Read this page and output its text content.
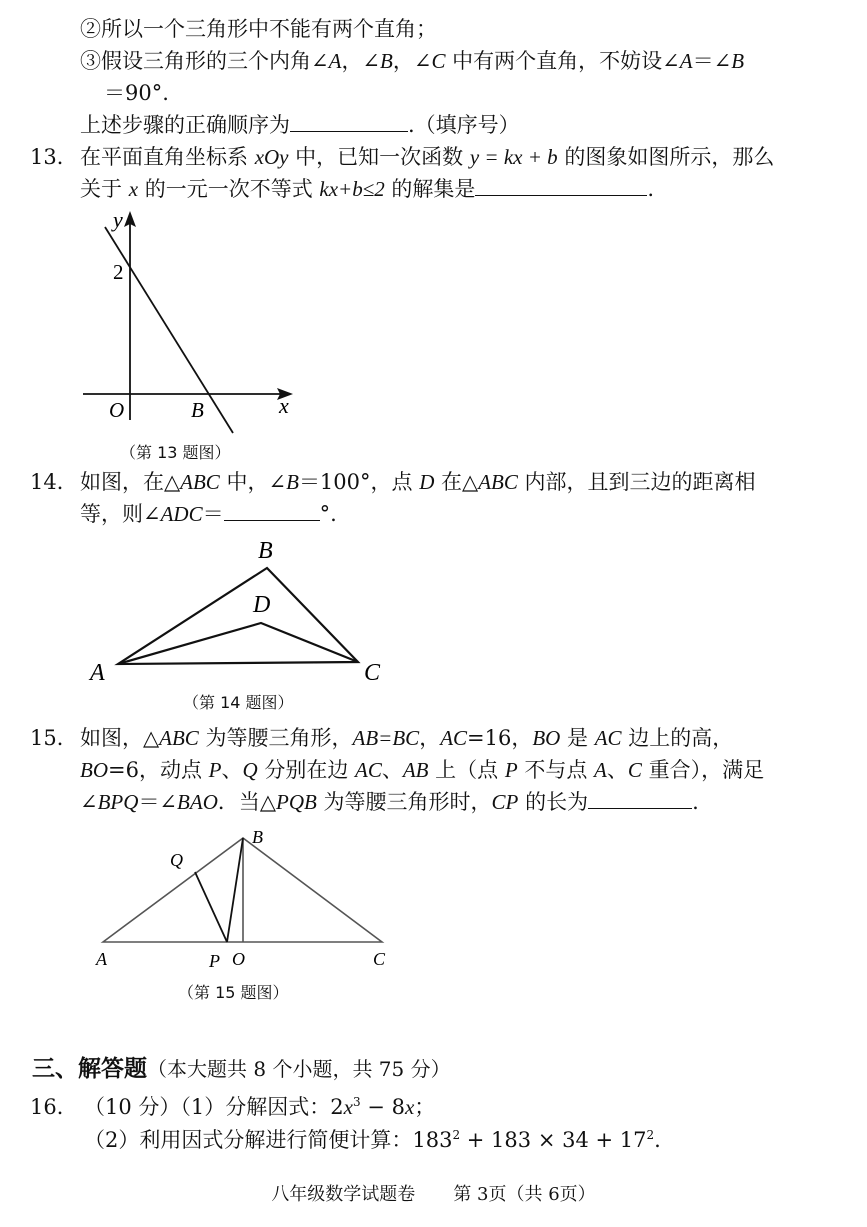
②所以一个三角形中不能有两个直角；
③假设三角形的三个内角∠A，∠B，∠C 中有两个直角，不妨设∠A＝∠B
＝90°.
上述步骤的正确顺序为	.（填序号）
13． 在平面直角坐标系 xOy 中，已知一次函数 y = kx + b 的图象如图所示，那么
关于 x 的一元一次不等式 kx+b≤2 的解集是	.
y
x
O	B
2
（第 13 题图）
14． 如图，在△ABC 中，∠B＝100°，点 D 在△ABC 内部，且到三边的距离相
等，则∠ADC＝	°.
A
B
C
D
（第 14 题图）
15． 如图，△ABC 为等腰三角形，AB=BC，AC=16，BO 是 AC 边上的高，
BO=6，动点 P、Q 分别在边 AC、AB 上（点 P 不与点 A、C 重合），满足
∠BPQ＝∠BAO．当△PQB 为等腰三角形时，CP 的长为	.
A
B
C
O
P
Q
（第 15 题图）
三、解答题（本大题共 8 个小题，共 75 分）
16． （10 分）（1）分解因式：$2x^3 - 8x$；
（2）利用因式分解进行简便计算：$183^2 + 183 \times 34 + 17^2$.
八年级数学试题卷 第 3页（共 6页）
